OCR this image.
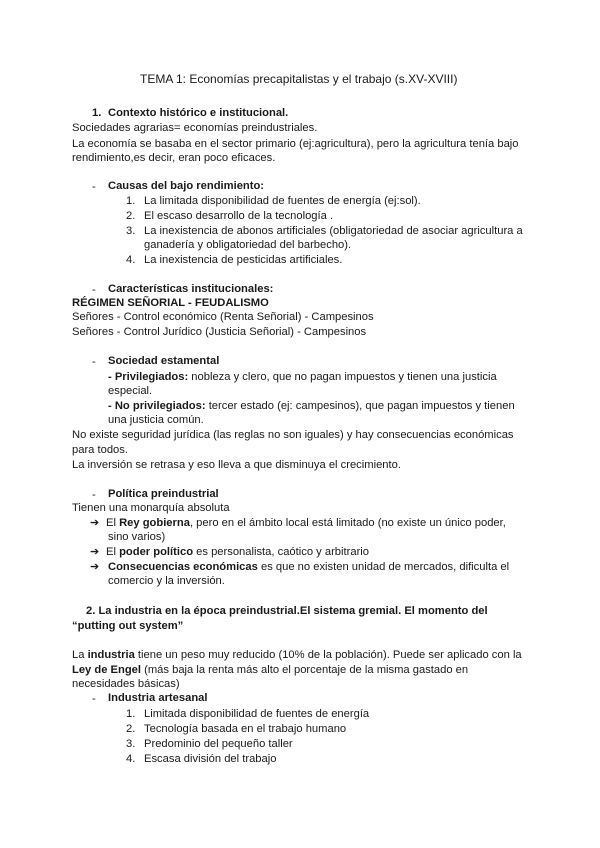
TEMA 1: Economías precapitalistas y el trabajo (s.XV-XVIII)
1. Contexto histórico e institucional.
Sociedades agrarias= economías preindustriales.
La economía se basaba en el sector primario (ej:agricultura), pero la agricultura tenía bajo
rendimiento,es decir, eran poco eficaces.
- Causas del bajo rendimiento:
1. La limitada disponibilidad de fuentes de energía (ej:sol).
2. El escaso desarrollo de la tecnología .
3. La inexistencia de abonos artificiales (obligatoriedad de asociar agricultura a
ganadería y obligatoriedad del barbecho).
4. La inexistencia de pesticidas artificiales.
- Características institucionales:
RÉGIMEN SEÑORIAL - FEUDALISMO
Señores - Control económico (Renta Señorial) - Campesinos
Señores - Control Jurídico (Justicia Señorial) - Campesinos
- Sociedad estamental
- Privilegiados: nobleza y clero, que no pagan impuestos y tienen una justicia
especial.
- No privilegiados: tercer estado (ej: campesinos), que pagan impuestos y tienen
una justicia común.
No existe seguridad jurídica (las reglas no son iguales) y hay consecuencias económicas
para todos.
La inversión se retrasa y eso lleva a que disminuya el crecimiento.
- Política preindustrial
Tienen una monarquía absoluta
➔ El Rey gobierna, pero en el ámbito local está limitado (no existe un único poder,
sino varios)
➔ El poder político es personalista, caótico y arbitrario
➔ Consecuencias económicas es que no existen unidad de mercados, dificulta el
comercio y la inversión.
2. La industria en la época preindustrial.El sistema gremial. El momento del
“putting out system”
La industria tiene un peso muy reducido (10% de la población). Puede ser aplicado con la
Ley de Engel (más baja la renta más alto el porcentaje de la misma gastado en
necesidades básicas)
- Industria artesanal
1. Limitada disponibilidad de fuentes de energía
2. Tecnología basada en el trabajo humano
3. Predominio del pequeño taller
4. Escasa división del trabajo
